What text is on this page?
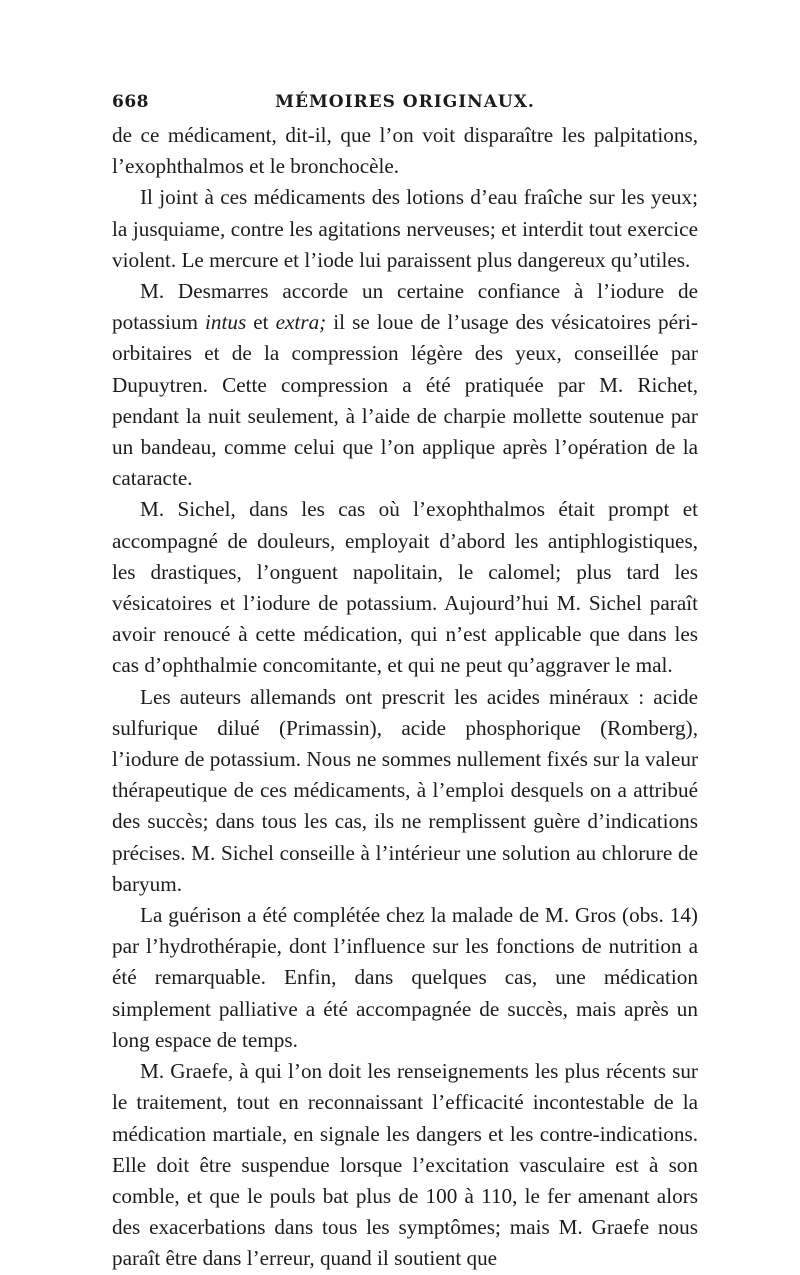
668	MÉMOIRES ORIGINAUX.

de ce médicament, dit-il, que l’on voit disparaître les palpitations, l’exophthalmos et le bronchocèle.

Il joint à ces médicaments des lotions d’eau fraîche sur les yeux; la jusquiame, contre les agitations nerveuses; et interdit tout exercice violent. Le mercure et l’iode lui paraissent plus dangereux qu’utiles.

M. Desmarres accorde un certaine confiance à l’iodure de potassium intus et extra; il se loue de l’usage des vésicatoires péri-orbitaires et de la compression légère des yeux, conseillée par Dupuytren. Cette compression a été pratiquée par M. Richet, pendant la nuit seulement, à l’aide de charpie mollette soutenue par un bandeau, comme celui que l’on applique après l’opération de la cataracte.

M. Sichel, dans les cas où l’exophthalmos était prompt et accompagné de douleurs, employait d’abord les antiphlogistiques, les drastiques, l’onguent napolitain, le calomel; plus tard les vésicatoires et l’iodure de potassium. Aujourd’hui M. Sichel paraît avoir renoucé à cette médication, qui n’est applicable que dans les cas d’ophthalmie concomitante, et qui ne peut qu’aggraver le mal.

Les auteurs allemands ont prescrit les acides minéraux : acide sulfurique dilué (Primassin), acide phosphorique (Romberg), l’iodure de potassium. Nous ne sommes nullement fixés sur la valeur thérapeutique de ces médicaments, à l’emploi desquels on a attribué des succès; dans tous les cas, ils ne remplissent guère d’indications précises. M. Sichel conseille à l’intérieur une solution au chlorure de baryum.

La guérison a été complétée chez la malade de M. Gros (obs. 14) par l’hydrothérapie, dont l’influence sur les fonctions de nutrition a été remarquable. Enfin, dans quelques cas, une médication simplement palliative a été accompagnée de succès, mais après un long espace de temps.

M. Graefe, à qui l’on doit les renseignements les plus récents sur le traitement, tout en reconnaissant l’efficacité incontestable de la médication martiale, en signale les dangers et les contre-indications. Elle doit être suspendue lorsque l’excitation vasculaire est à son comble, et que le pouls bat plus de 100 à 110, le fer amenant alors des exacerbations dans tous les symptômes; mais M. Graefe nous paraît être dans l’erreur, quand il soutient que
